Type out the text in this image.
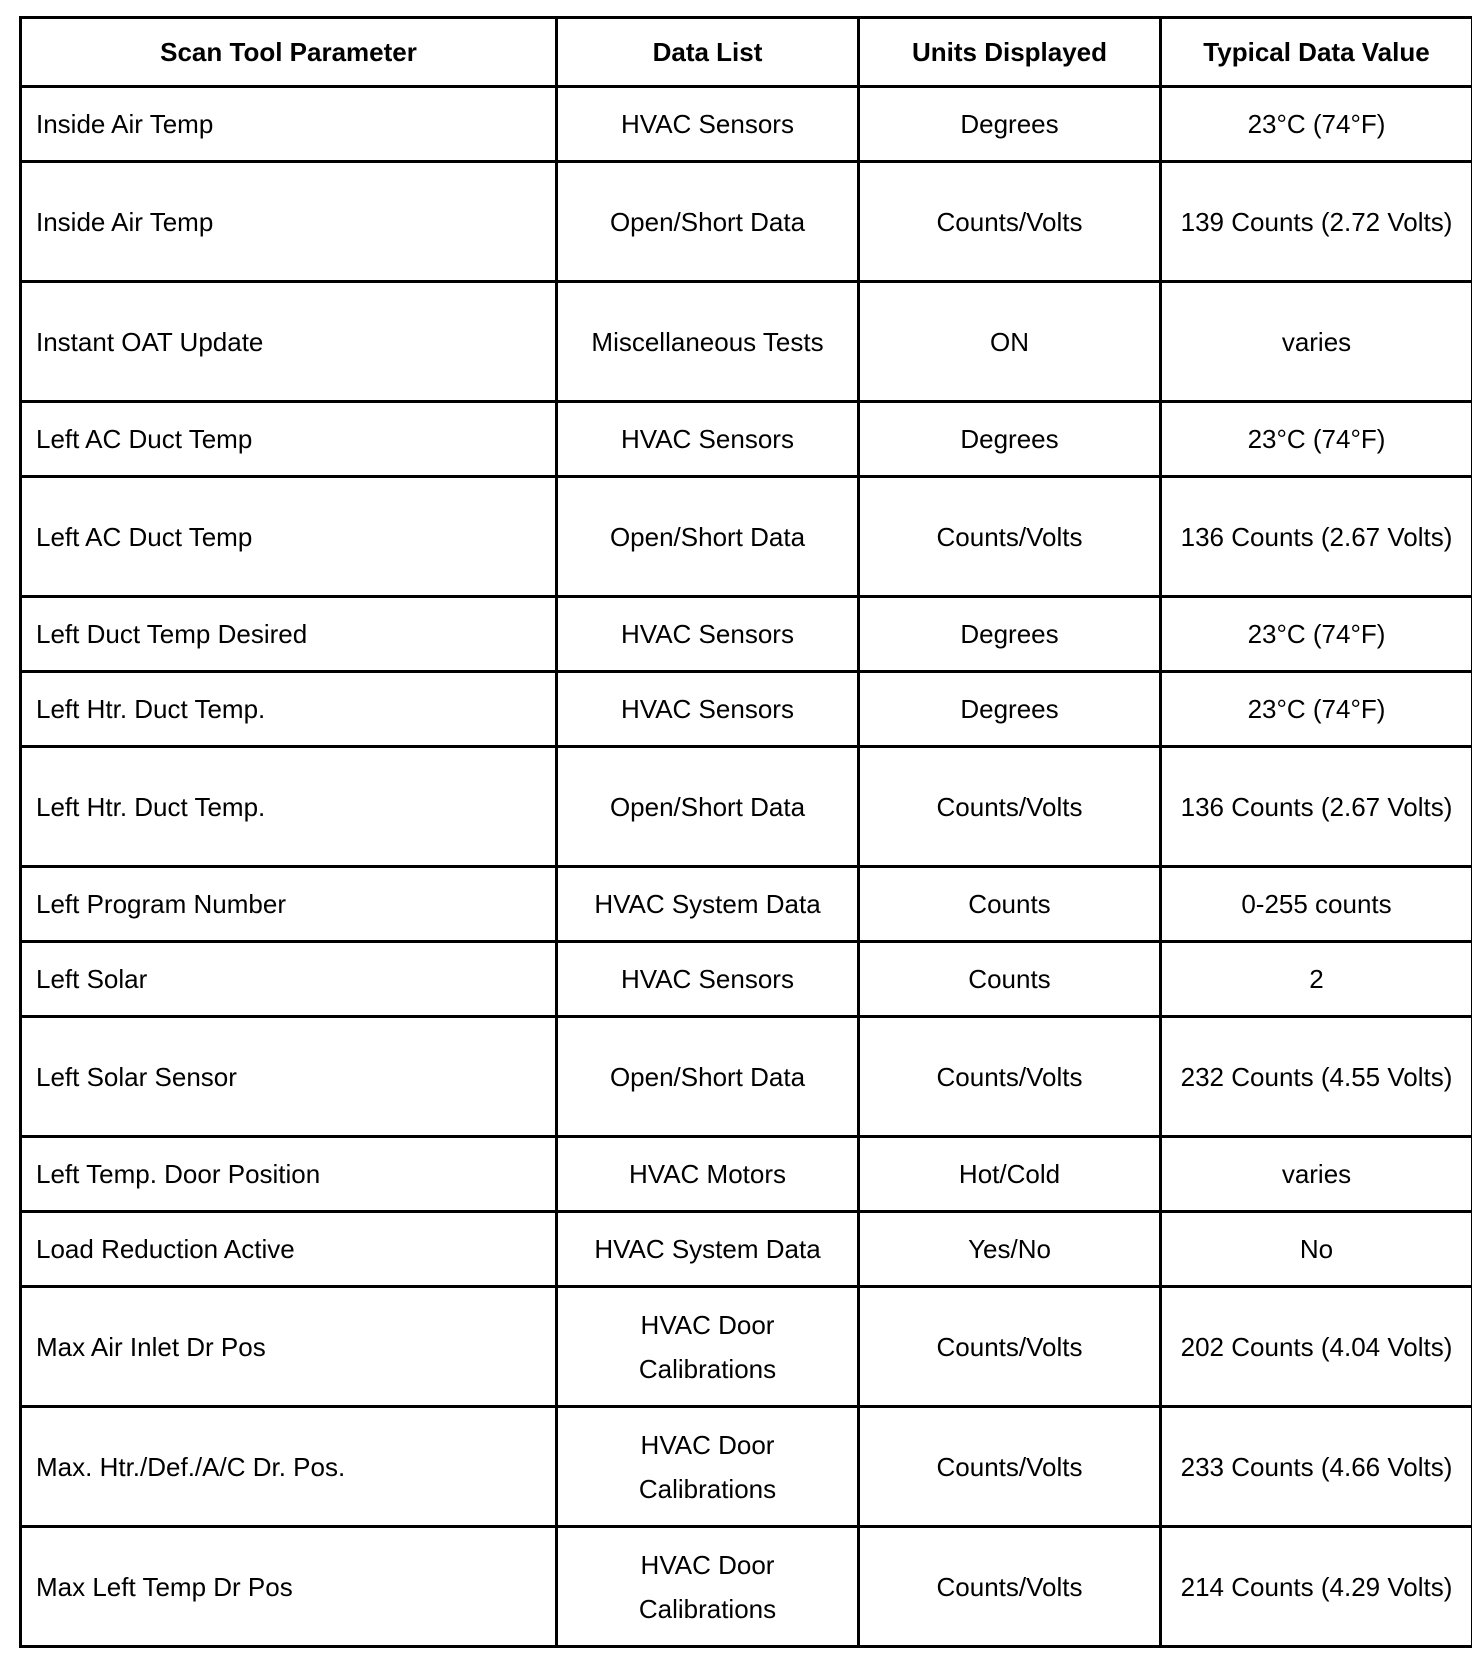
Scan Tool Parameter	Data List	Units Displayed	Typical Data Value
Inside Air Temp	HVAC Sensors	Degrees	23°C (74°F)
Inside Air Temp	Open/Short Data	Counts/Volts	139 Counts (2.72 Volts)
Instant OAT Update	Miscellaneous Tests	ON	varies
Left AC Duct Temp	HVAC Sensors	Degrees	23°C (74°F)
Left AC Duct Temp	Open/Short Data	Counts/Volts	136 Counts (2.67 Volts)
Left Duct Temp Desired	HVAC Sensors	Degrees	23°C (74°F)
Left Htr. Duct Temp.	HVAC Sensors	Degrees	23°C (74°F)
Left Htr. Duct Temp.	Open/Short Data	Counts/Volts	136 Counts (2.67 Volts)
Left Program Number	HVAC System Data	Counts	0-255 counts
Left Solar	HVAC Sensors	Counts	2
Left Solar Sensor	Open/Short Data	Counts/Volts	232 Counts (4.55 Volts)
Left Temp. Door Position	HVAC Motors	Hot/Cold	varies
Load Reduction Active	HVAC System Data	Yes/No	No
Max Air Inlet Dr Pos	HVAC Door Calibrations	Counts/Volts	202 Counts (4.04 Volts)
Max. Htr./Def./A/C Dr. Pos.	HVAC Door Calibrations	Counts/Volts	233 Counts (4.66 Volts)
Max Left Temp Dr Pos	HVAC Door Calibrations	Counts/Volts	214 Counts (4.29 Volts)
